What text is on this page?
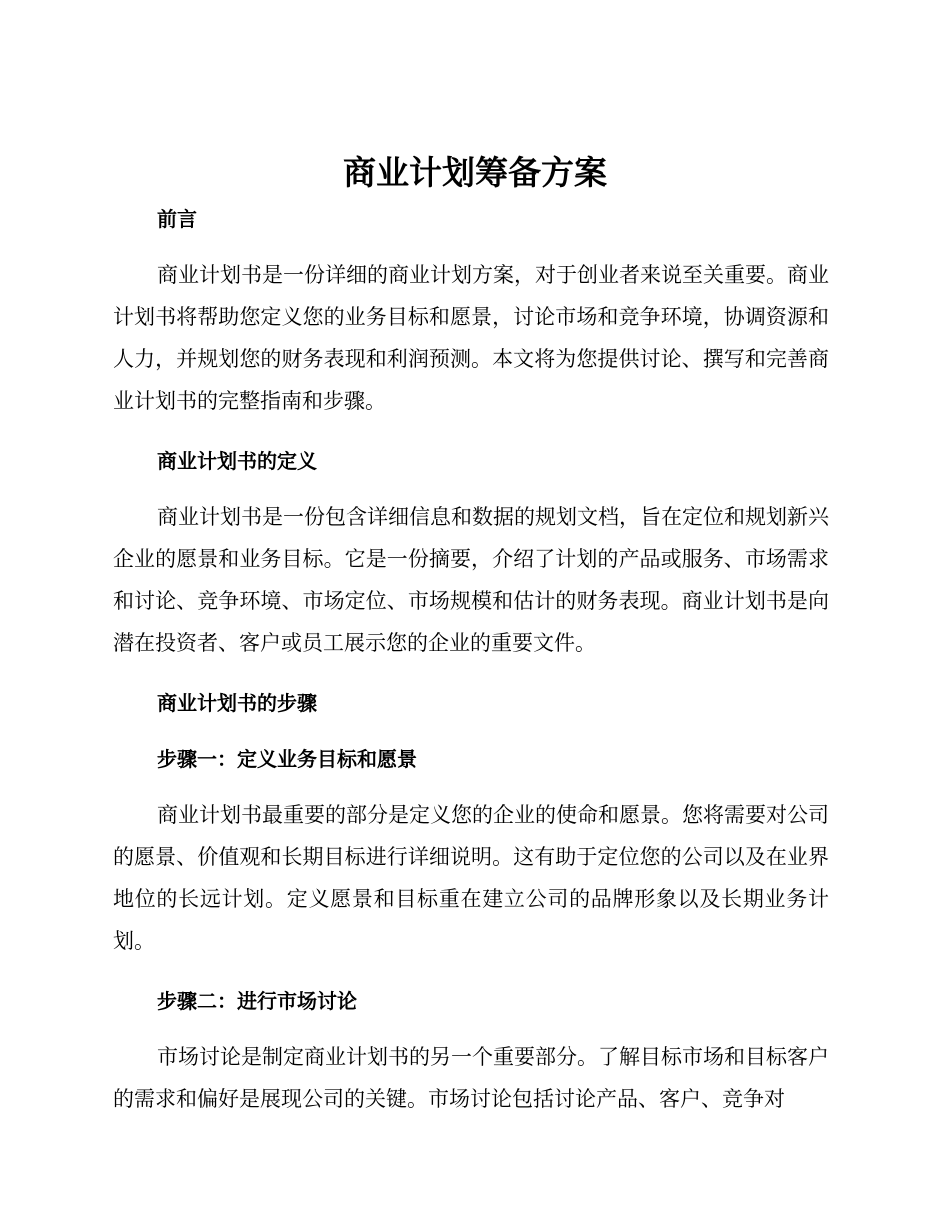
商业计划筹备方案
前言

商业计划书是一份详细的商业计划方案，对于创业者来说至关重要。商业计划书将帮助您定义您的业务目标和愿景，讨论市场和竞争环境，协调资源和人力，并规划您的财务表现和利润预测。本文将为您提供讨论、撰写和完善商业计划书的完整指南和步骤。

商业计划书的定义

商业计划书是一份包含详细信息和数据的规划文档，旨在定位和规划新兴企业的愿景和业务目标。它是一份摘要，介绍了计划的产品或服务、市场需求和讨论、竞争环境、市场定位、市场规模和估计的财务表现。商业计划书是向潜在投资者、客户或员工展示您的企业的重要文件。

商业计划书的步骤
步骤一：定义业务目标和愿景

商业计划书最重要的部分是定义您的企业的使命和愿景。您将需要对公司的愿景、价值观和长期目标进行详细说明。这有助于定位您的公司以及在业界地位的长远计划。定义愿景和目标重在建立公司的品牌形象以及长期业务计划。

步骤二：进行市场讨论

市场讨论是制定商业计划书的另一个重要部分。了解目标市场和目标客户的需求和偏好是展现公司的关键。市场讨论包括讨论产品、客户、竞争对
